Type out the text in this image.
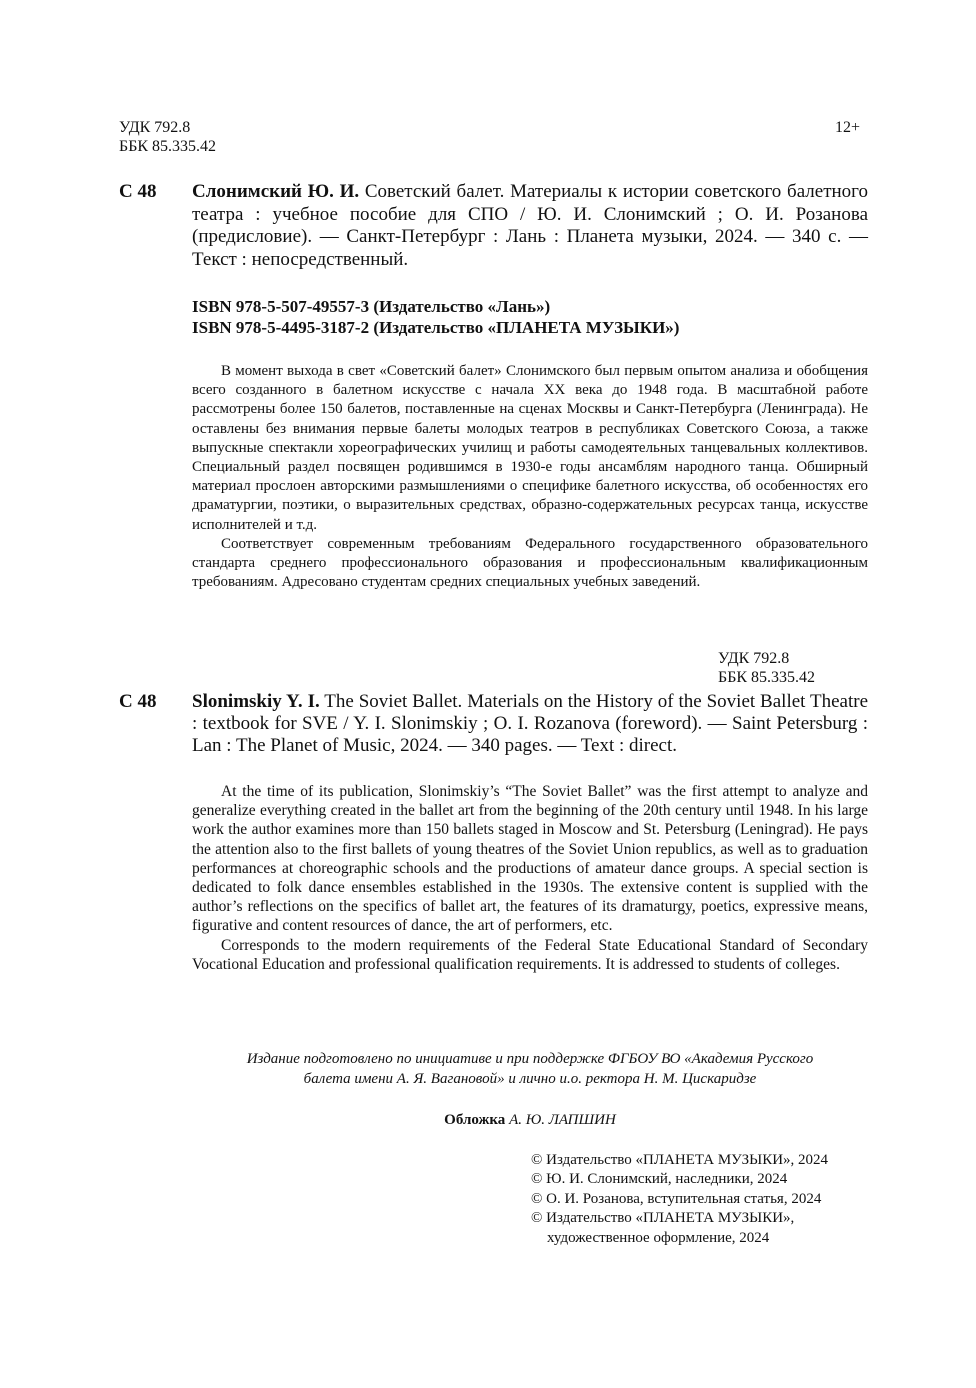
УДК 792.8
ББК 85.335.42
12+
С 48 Слонимский Ю. И. Советский балет. Материалы к истории советского балетного театра : учебное пособие для СПО / Ю. И. Слонимский ; О. И. Розанова (предисловие). — Санкт-Петербург : Лань : Планета музыки, 2024. — 340 с. — Текст : непосредственный.
ISBN 978-5-507-49557-3 (Издательство «Лань»)
ISBN 978-5-4495-3187-2 (Издательство «ПЛАНЕТА МУЗЫКИ»)

В момент выхода в свет «Советский балет» Слонимского был первым опытом анализа и обобщения всего созданного в балетном искусстве с начала XX века до 1948 года. В масштабной работе рассмотрены более 150 балетов, поставленные на сценах Москвы и Санкт-Петербурга (Ленинграда). Не оставлены без внимания первые балеты молодых театров в республиках Советского Союза, а также выпускные спектакли хореографических училищ и работы самодеятельных танцевальных коллективов. Специальный раздел посвящен родившимся в 1930-е годы ансамблям народного танца. Обширный материал прослоен авторскими размышлениями о специфике балетного искусства, об особенностях его драматургии, поэтики, о выразительных средствах, образно-содержательных ресурсах танца, искусстве исполнителей и т.д.

Соответствует современным требованиям Федерального государственного образовательного стандарта среднего профессионального образования и профессиональным квалификационным требованиям. Адресовано студентам средних специальных учебных заведений.

УДК 792.8
ББК 85.335.42
С 48 Slonimskiy Y. I. The Soviet Ballet. Materials on the History of the Soviet Ballet Theatre : textbook for SVE / Y. I. Slonimskiy ; O. I. Rozanova (foreword). — Saint Petersburg : Lan : The Planet of Music, 2024. — 340 pages. — Text : direct.

At the time of its publication, Slonimskiy’s “The Soviet Ballet” was the first attempt to analyze and generalize everything created in the ballet art from the beginning of the 20th century until 1948. In his large work the author examines more than 150 ballets staged in Moscow and St. Petersburg (Leningrad). He pays the attention also to the first ballets of young theatres of the Soviet Union republics, as well as to graduation performances at choreographic schools and the productions of amateur dance groups. A special section is dedicated to folk dance ensembles established in the 1930s. The extensive content is supplied with the author’s reflections on the specifics of ballet art, the features of its dramaturgy, poetics, expressive means, figurative and content resources of dance, the art of performers, etc.

Corresponds to the modern requirements of the Federal State Educational Standard of Secondary Vocational Education and professional qualification requirements. It is addressed to students of colleges.

Издание подготовлено по инициативе и при поддержке ФГБОУ ВО «Академия Русского
балета имени А. Я. Вагановой» и лично и.о. ректора Н. М. Цискаридзе
Обложка А. Ю. ЛАПШИН
© Издательство «ПЛАНЕТА МУЗЫКИ», 2024
© Ю. И. Слонимский, наследники, 2024
© О. И. Розанова, вступительная статья, 2024
© Издательство «ПЛАНЕТА МУЗЫКИ»,
художественное оформление, 2024
